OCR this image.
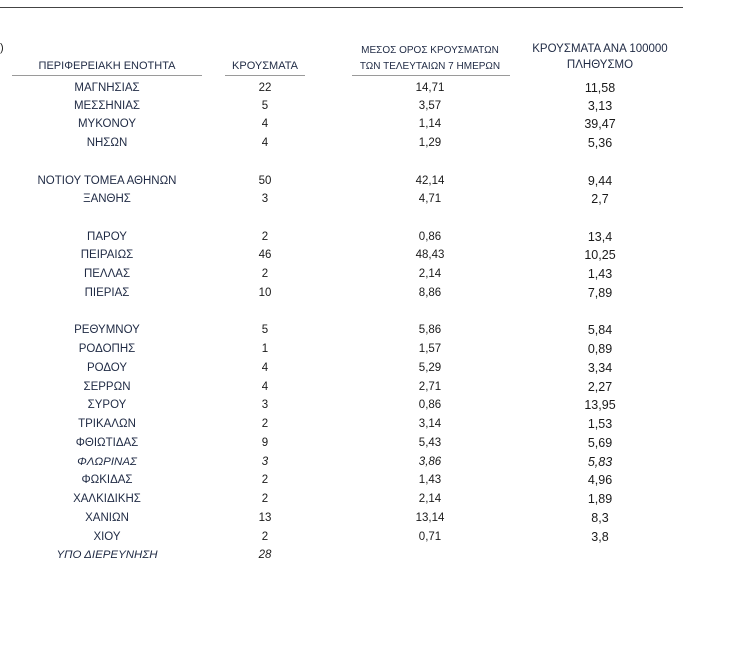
)
ΠΕΡΙΦΕΡΕΙΑΚΗ ΕΝΟΤΗΤΑ	ΚΡΟΥΣΜΑΤΑ
ΜΕΣΟΣ ΟΡΟΣ ΚΡΟΥΣΜΑΤΩΝ
ΤΩΝ ΤΕΛΕΥΤΑΙΩΝ 7 ΗΜΕΡΩΝ
ΚΡΟΥΣΜΑΤΑ ΑΝΑ 100000
ΠΛΗΘΥΣΜΟ
ΜΑΓΝΗΣΙΑΣ	22	14,71	11,58
ΜΕΣΣΗΝΙΑΣ	5	3,57	3,13
ΜΥΚΟΝΟΥ	4	1,14	39,47
ΝΗΣΩΝ	4	1,29	5,36
ΝΟΤΙΟΥ ΤΟΜΕΑ ΑΘΗΝΩΝ	50	42,14	9,44
ΞΑΝΘΗΣ	3	4,71	2,7
ΠΑΡΟΥ	2	0,86	13,4
ΠΕΙΡΑΙΩΣ	46	48,43	10,25
ΠΕΛΛΑΣ	2	2,14	1,43
ΠΙΕΡΙΑΣ	10	8,86	7,89
ΡΕΘΥΜΝΟΥ	5	5,86	5,84
ΡΟΔΟΠΗΣ	1	1,57	0,89
ΡΟΔΟΥ	4	5,29	3,34
ΣΕΡΡΩΝ	4	2,71	2,27
ΣΥΡΟΥ	3	0,86	13,95
ΤΡΙΚΑΛΩΝ	2	3,14	1,53
ΦΘΙΩΤΙΔΑΣ	9	5,43	5,69
ΦΛΩΡΙΝΑΣ	3	3,86	5,83
ΦΩΚΙΔΑΣ	2	1,43	4,96
ΧΑΛΚΙΔΙΚΗΣ	2	2,14	1,89
ΧΑΝΙΩΝ	13	13,14	8,3
ΧΙΟΥ	2	0,71	3,8
ΥΠΟ ΔΙΕΡΕΥΝΗΣΗ	28
